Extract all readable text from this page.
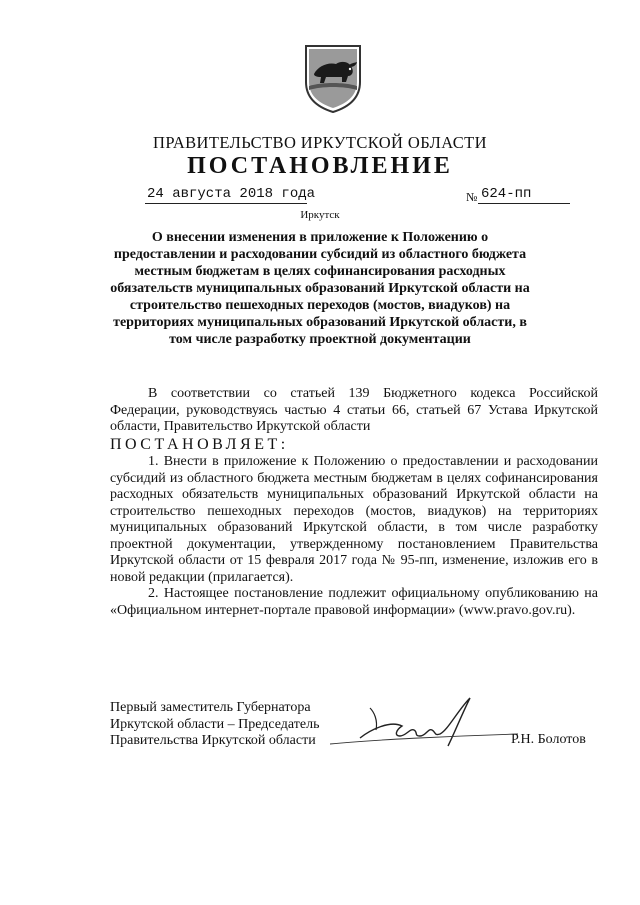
ПРАВИТЕЛЬСТВО ИРКУТСКОЙ ОБЛАСТИ
ПОСТАНОВЛЕНИЕ
24 августа 2018 года	№ 624-пп
Иркутск
О внесении изменения в приложение к Положению о предоставлении и расходовании субсидий из областного бюджета местным бюджетам в целях софинансирования расходных обязательств муниципальных образований Иркутской области на строительство пешеходных переходов (мостов, виадуков) на территориях муниципальных образований Иркутской области, в том числе разработку проектной документации

В соответствии со статьей 139 Бюджетного кодекса Российской Федерации, руководствуясь частью 4 статьи 66, статьей 67 Устава Иркутской области, Правительство Иркутской области

ПОСТАНОВЛЯЕТ:

1. Внести в приложение к Положению о предоставлении и расходовании субсидий из областного бюджета местным бюджетам в целях софинансирования расходных обязательств муниципальных образований Иркутской области на строительство пешеходных переходов (мостов, виадуков) на территориях муниципальных образований Иркутской области, в том числе разработку проектной документации, утвержденному постановлением Правительства Иркутской области от 15 февраля 2017 года № 95-пп, изменение, изложив его в новой редакции (прилагается).

2. Настоящее постановление подлежит официальному опубликованию на «Официальном интернет-портале правовой информации» (www.pravo.gov.ru).

Первый заместитель Губернатора
Иркутской области – Председатель
Правительства Иркутской области	Р.Н. Болотов
